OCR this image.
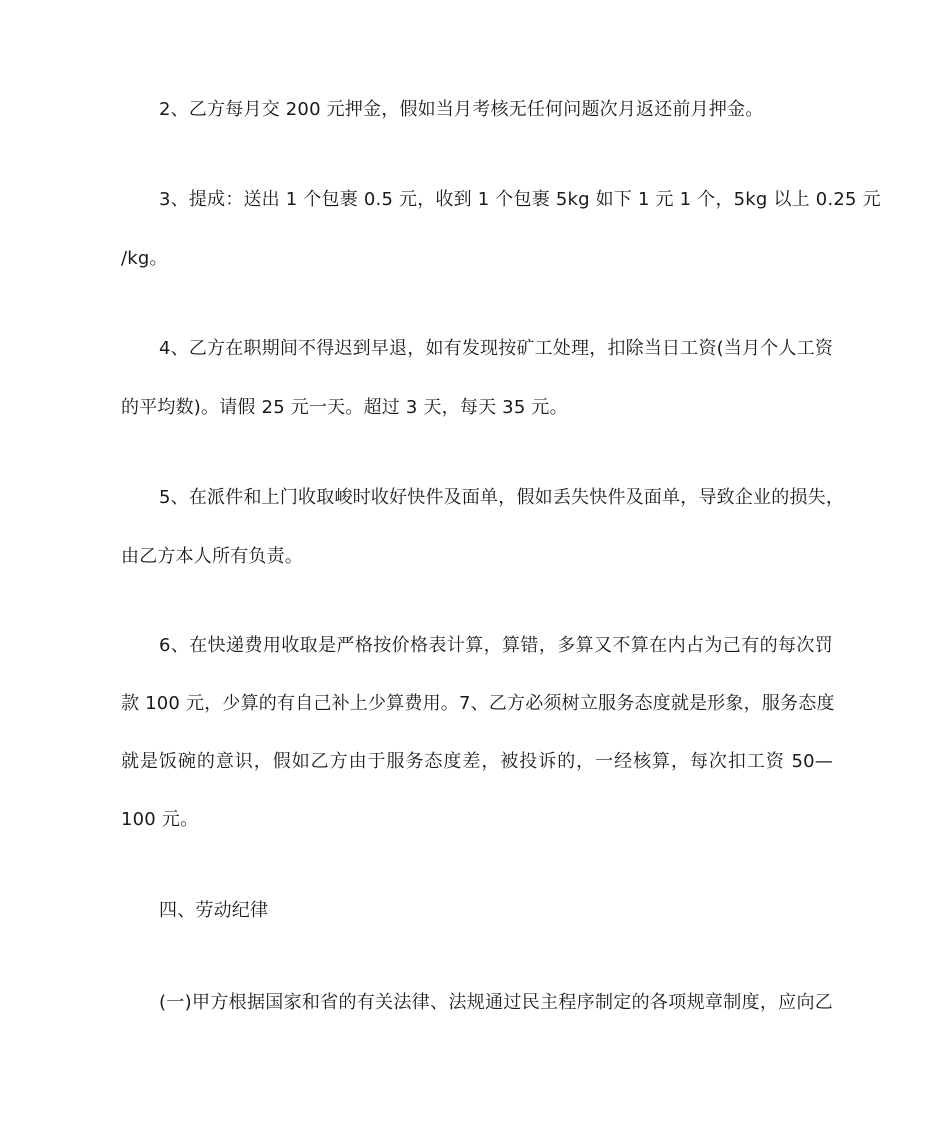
2、乙方每月交 200 元押金，假如当月考核无任何问题次月返还前月押金。
3、提成：送出 1 个包裹 0.5 元，收到 1 个包裹 5kg 如下 1 元 1 个，5kg 以上 0.25 元
/kg。
4、乙方在职期间不得迟到早退，如有发现按矿工处理，扣除当日工资(当月个人工资
的平均数)。请假 25 元一天。超过 3 天，每天 35 元。
5、在派件和上门收取峻时收好快件及面单，假如丢失快件及面单，导致企业的损失，
由乙方本人所有负责。
6、在快递费用收取是严格按价格表计算，算错，多算又不算在内占为己有的每次罚
款 100 元，少算的有自己补上少算费用。7、乙方必须树立服务态度就是形象，服务态度
就是饭碗的意识，假如乙方由于服务态度差，被投诉的，一经核算，每次扣工资 50—
100 元。
四、劳动纪律
(一)甲方根据国家和省的有关法律、法规通过民主程序制定的各项规章制度，应向乙
